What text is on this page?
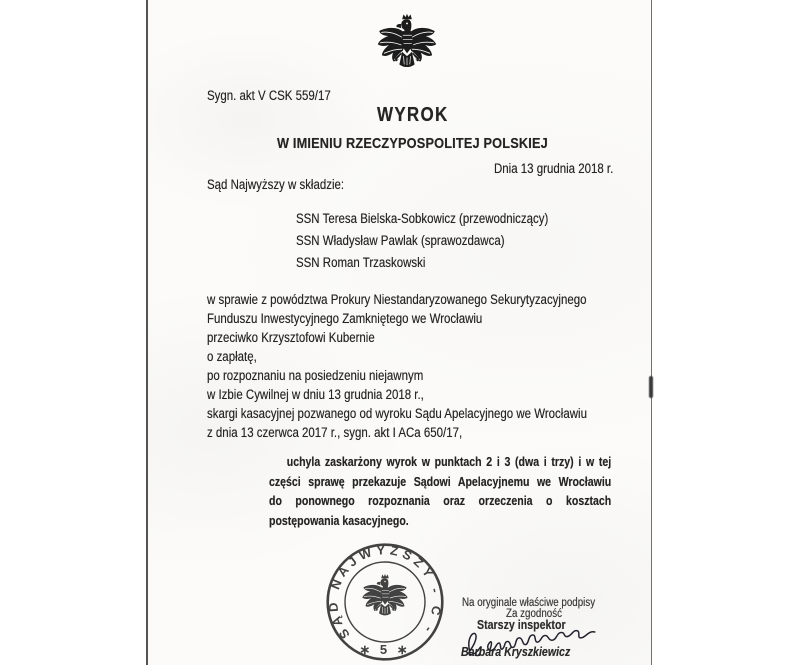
Sygn. akt V CSK 559/17
WYROK
W IMIENIU RZECZYPOSPOLITEJ POLSKIEJ
Dnia 13 grudnia 2018 r.
Sąd Najwyższy w składzie:
SSN Teresa Bielska-Sobkowicz (przewodniczący)
SSN Władysław Pawlak (sprawozdawca)
SSN Roman Trzaskowski
w sprawie z powództwa Prokury Niestandaryzowanego Sekurytyzacyjnego
Funduszu Inwestycyjnego Zamkniętego we Wrocławiu
przeciwko Krzysztofowi Kubernie
o zapłatę,
po rozpoznaniu na posiedzeniu niejawnym
w Izbie Cywilnej w dniu 13 grudnia 2018 r.,
skargi kasacyjnej pozwanego od wyroku Sądu Apelacyjnego we Wrocławiu
z dnia 13 czerwca 2017 r., sygn. akt I ACa 650/17,
uchyla zaskarżony wyrok w punktach 2 i 3 (dwa i trzy) i w tej
części sprawę przekazuje Sądowi Apelacyjnemu we Wrocławiu
do ponownego rozpoznania oraz orzeczenia o kosztach
postępowania kasacyjnego.
SĄD NAJWYŻSZY - C -
∗ 5 ∗
Na oryginale właściwe podpisy
Za zgodność
Starszy inspektor
Barbara Kryszkiewicz
